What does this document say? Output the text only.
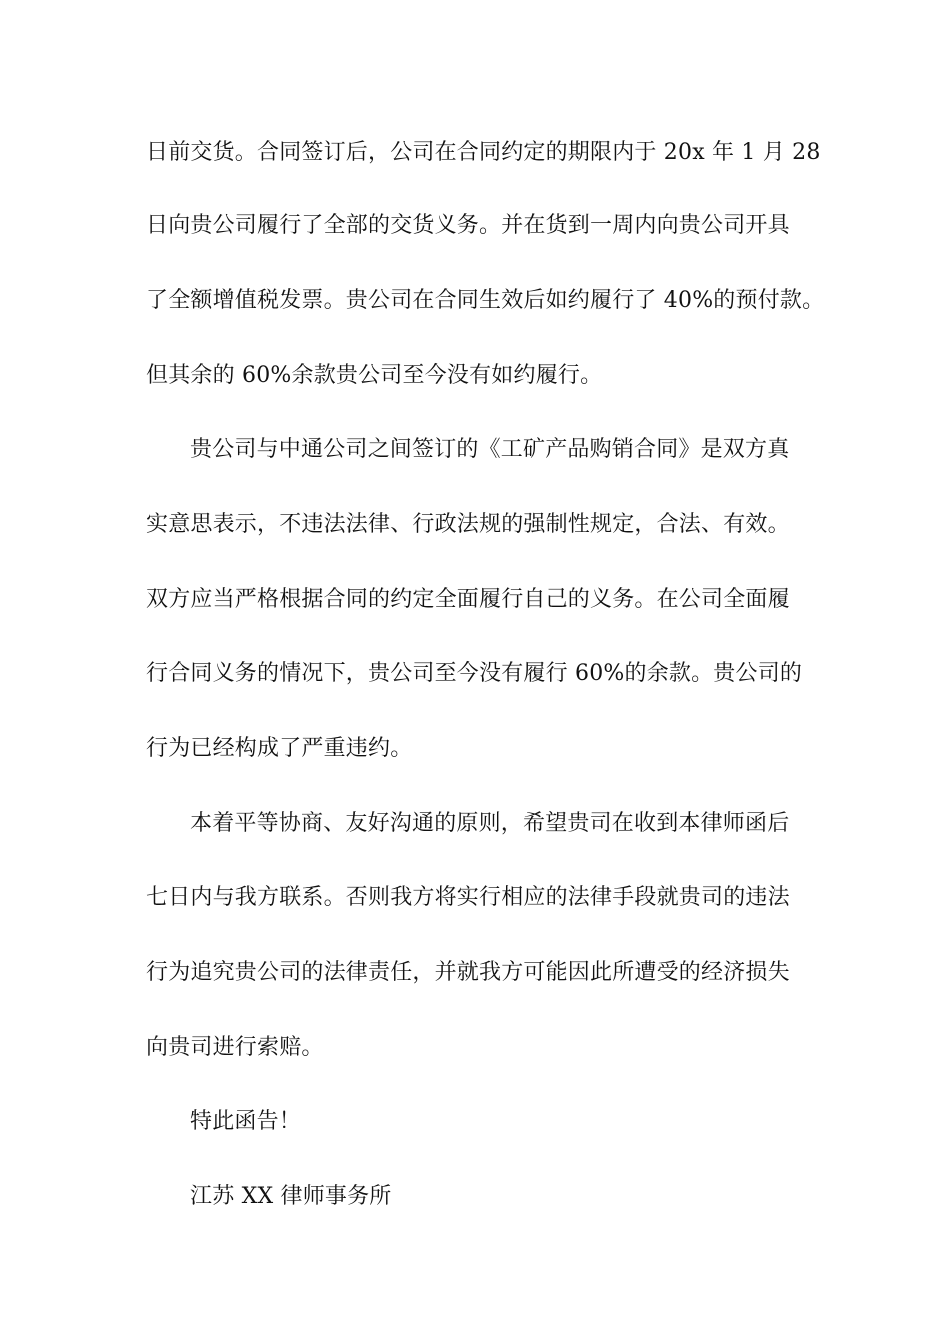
日前交货。合同签订后，公司在合同约定的期限内于 20x 年 1 月 28
日向贵公司履行了全部的交货义务。并在货到一周内向贵公司开具
了全额增值税发票。贵公司在合同生效后如约履行了 40%的预付款。
但其余的 60%余款贵公司至今没有如约履行。
贵公司与中通公司之间签订的《工矿产品购销合同》是双方真
实意思表示，不违法法律、行政法规的强制性规定，合法、有效。
双方应当严格根据合同的约定全面履行自己的义务。在公司全面履
行合同义务的情况下，贵公司至今没有履行 60%的余款。贵公司的
行为已经构成了严重违约。
本着平等协商、友好沟通的原则，希望贵司在收到本律师函后
七日内与我方联系。否则我方将实行相应的法律手段就贵司的违法
行为追究贵公司的法律责任，并就我方可能因此所遭受的经济损失
向贵司进行索赔。
特此函告！
江苏 XX 律师事务所
